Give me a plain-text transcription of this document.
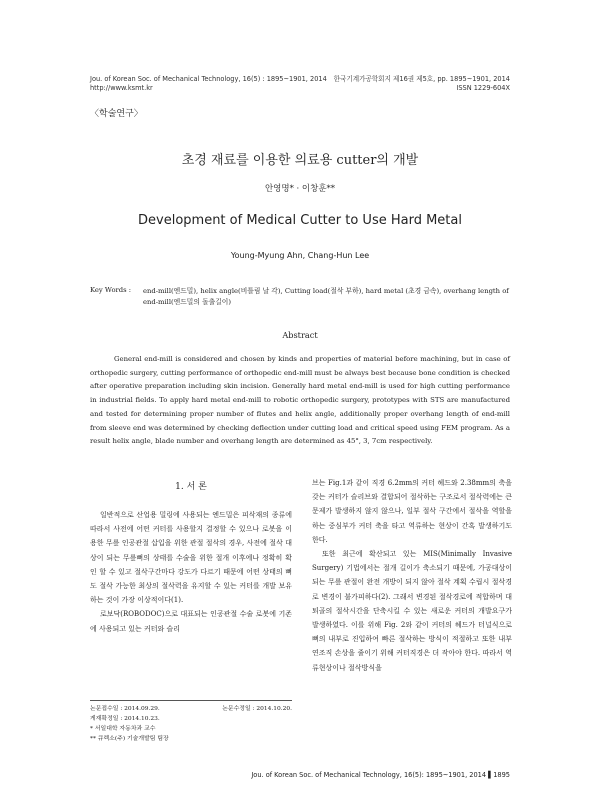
Jou. of Korean Soc. of Mechanical Technology, 16(5) : 1895~1901, 2014
http://www.ksmt.kr
한국기계가공학회지 제16권 제5호, pp. 1895~1901, 2014
ISSN 1229-604X
〈학술연구〉
초경 재료를 이용한 의료용 cutter의 개발
안영명* · 이창훈**
Development of Medical Cutter to Use Hard Metal
Young-Myung Ahn, Chang-Hun Lee
Key Words : end-mill(엔드밀), helix angle(비틀림 날 각), Cutting load(절삭 부하), hard metal (초경 금속), overhang length of end-mill(엔드밀의 돌출길이)
Abstract
General end-mill is considered and chosen by kinds and properties of material before machining, but in case of orthopedic surgery, cutting performance of orthopedic end-mill must be always best because bone condition is checked after operative preparation including skin incision. Generally hard metal end-mill is used for high cutting performance in industrial fields. To apply hard metal end-mill to robotic orthopedic surgery, prototypes with STS are manufactured and tested for determining proper number of flutes and helix angle, additionally proper overhang length of end-mill from sleeve end was determined by checking deflection under cutting load and critical speed using FEM program. As a result helix angle, blade number and overhang length are determined as 45°, 3, 7cm respectively.
1. 서 론

일반적으로 산업용 밀링에 사용되는 엔드밀은 피삭재의 종류에 따라서 사전에 어떤 커터를 사용할지 결정할 수 있으나 로봇을 이용한 무릎 인공관절 삽입을 위한 관절 절삭의 경우, 사전에 절삭 대상이 되는 무릎뼈의 상태를 수술을 위한 절개 이후에나 정확히 확인 할 수 있고 절삭구간마다 강도가 다르기 때문에 어떤 상태의 뼈도 절삭 가능한 최상의 절삭력을 유지할 수 있는 커터를 개발 보유하는 것이 가장 이상적이다(1).

로보닥(ROBODOC)으로 대표되는 인공관절 수술 로봇에 기존에 사용되고 있는 커터와 슬리

브는 Fig.1과 같이 직경 6.2mm의 커터 헤드와 2.38mm의 축을 갖는 커터가 슬리브와 결합되어 절삭하는 구조로서 절삭력에는 큰 문제가 발생하지 않지 않으나, 일부 절삭 구간에서 절삭을 역할을 하는 중심부가 커터 축을 타고 역류하는 현상이 간혹 발생하기도 한다.

또한 최근에 확산되고 있는 MIS(Minimally Invasive Surgery) 기법에서는 절개 길이가 축소되기 때문에, 가공대상이 되는 무릎 관절이 완전 개방이 되지 않아 절삭 계획 수립시 절삭경로 변경이 불가피하다(2). 그래서 변경된 절삭경로에 적합하며 대퇴골의 절삭시간을 단축시킬 수 있는 새로운 커터의 개발요구가 발생하였다. 이를 위해 Fig. 2와 같이 커터의 헤드가 터널식으로 뼈의 내부로 진입하여 빠른 절삭하는 방식이 적절하고 또한 내부 연조직 손상을 줄이기 위해 커터직경은 더 작아야 한다. 따라서 역류현상이나 절삭방식을

논문접수일 : 2014.09.29.	논문수정일 : 2014.10.20.
게재확정일 : 2014.10.23.
* 서일대학 자동차과 교수
** 큐렉소(주) 기술개발팀 팀장
Jou. of Korean Soc. of Mechanical Technology, 16(5): 1895~1901, 2014 ▌1895
